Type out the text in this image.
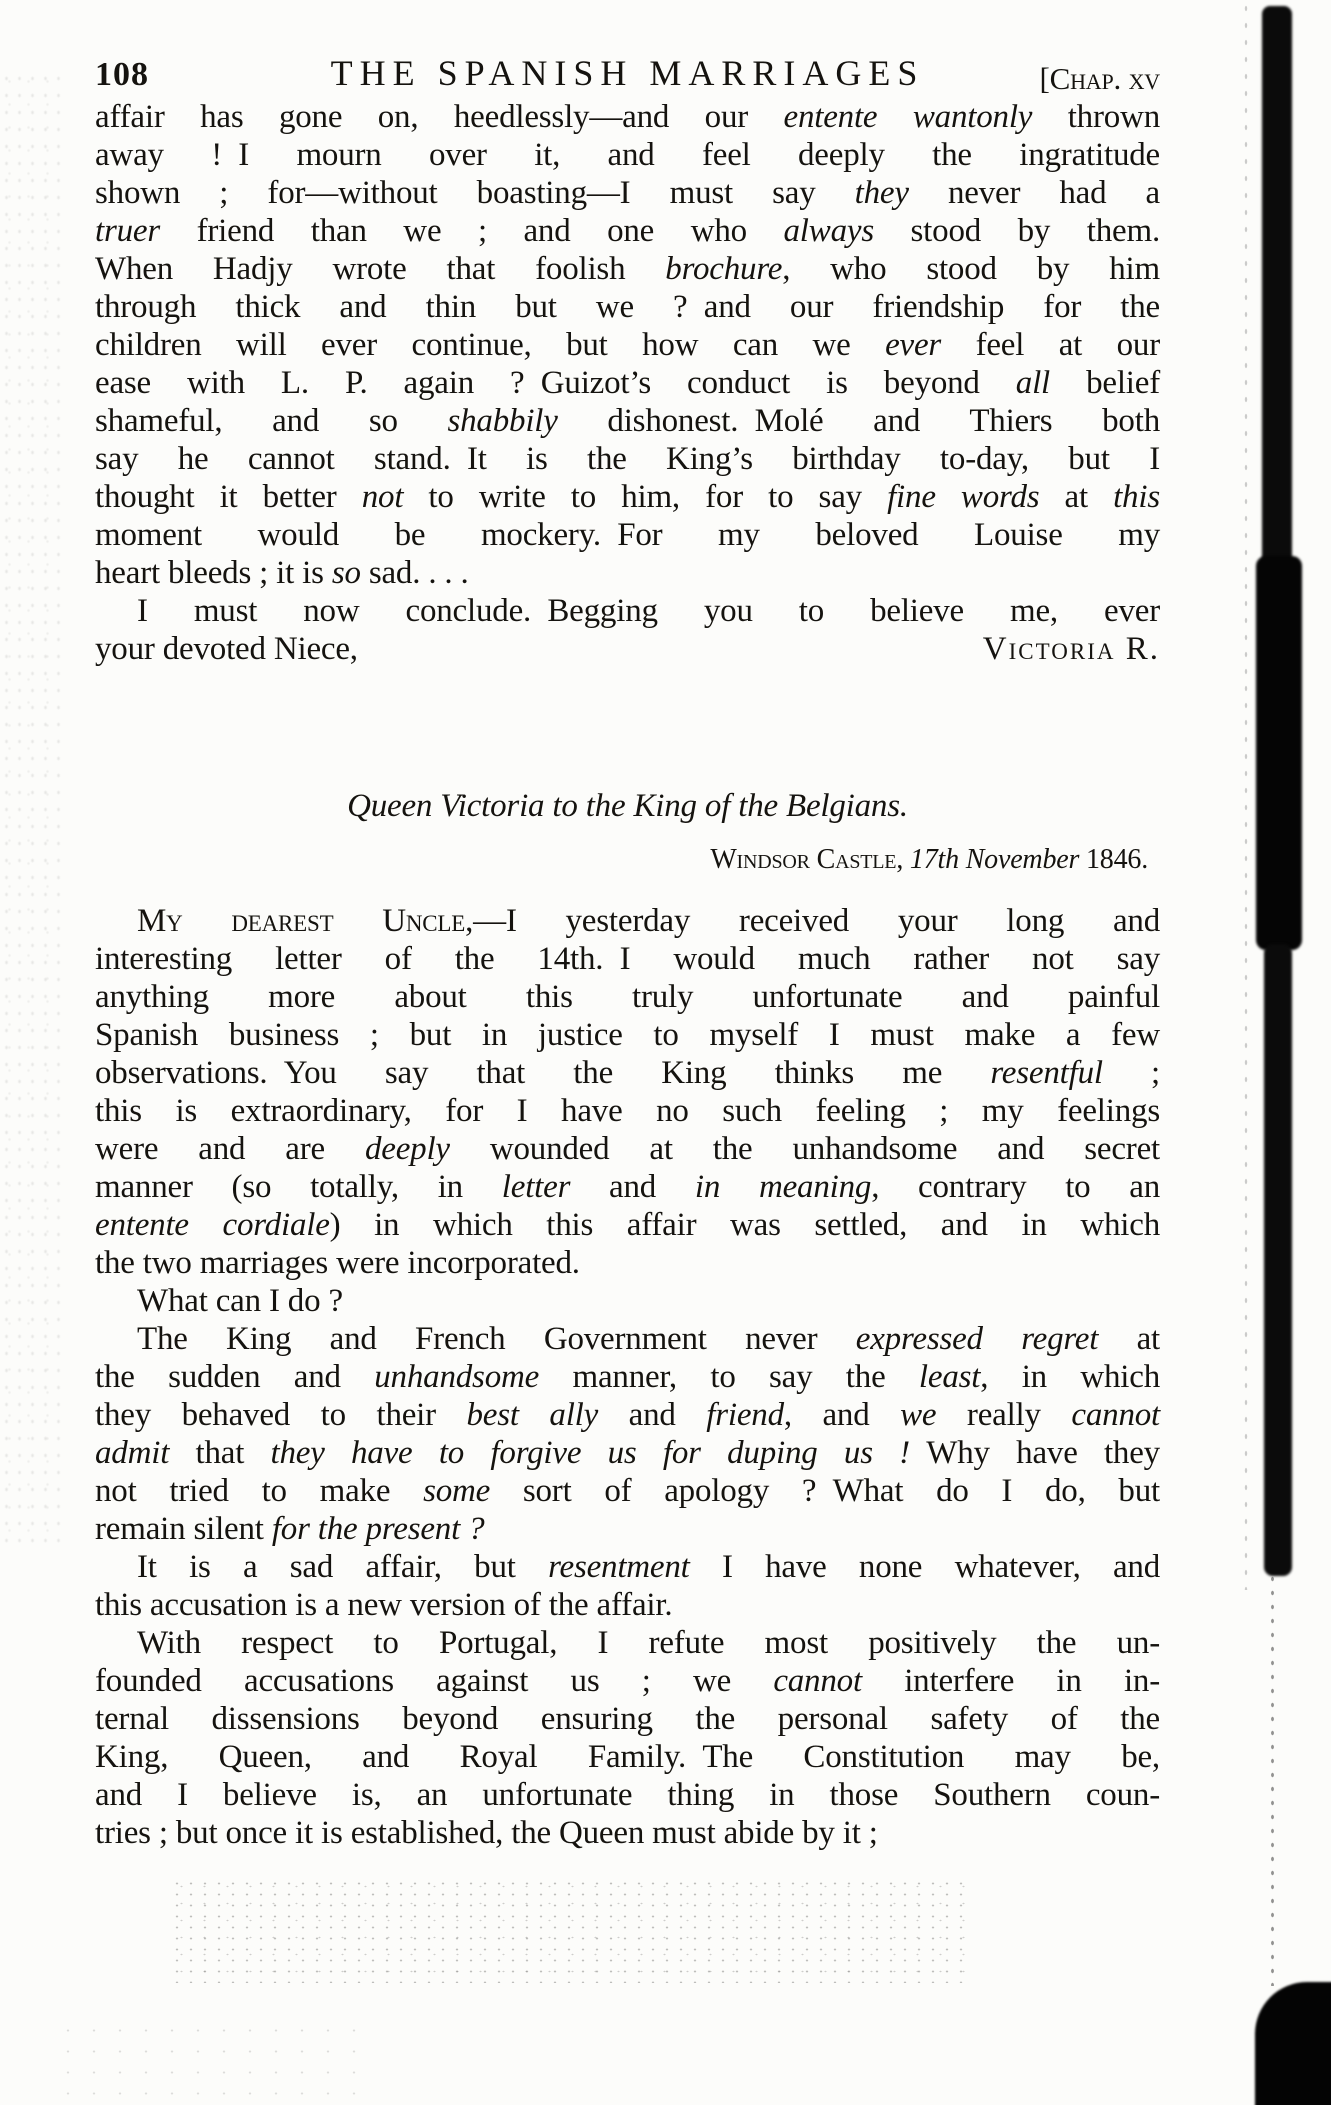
108	THE SPANISH MARRIAGES	[Chap. xv
affair has gone on, heedlessly—and our entente wantonly thrown
away ! I mourn over it, and feel deeply the ingratitude
shown ; for—without boasting—I must say they never had a
truer friend than we ; and one who always stood by them.
When Hadjy wrote that foolish brochure, who stood by him
through thick and thin but we ? and our friendship for the
children will ever continue, but how can we ever feel at our
ease with L. P. again ? Guizot’s conduct is beyond all belief
shameful, and so shabbily dishonest. Molé and Thiers both
say he cannot stand. It is the King’s birthday to-day, but I
thought it better not to write to him, for to say fine words at this
moment would be mockery. For my beloved Louise my
heart bleeds ; it is so sad. . . .
I must now conclude. Begging you to believe me, ever
your devoted Niece,	Victoria R.
Queen Victoria to the King of the Belgians.
Windsor Castle, 17th November 1846.
My dearest Uncle,—I yesterday received your long and
interesting letter of the 14th. I would much rather not say
anything more about this truly unfortunate and painful
Spanish business ; but in justice to myself I must make a few
observations. You say that the King thinks me resentful ;
this is extraordinary, for I have no such feeling ; my feelings
were and are deeply wounded at the unhandsome and secret
manner (so totally, in letter and in meaning, contrary to an
entente cordiale) in which this affair was settled, and in which
the two marriages were incorporated.
What can I do ?
The King and French Government never expressed regret at
the sudden and unhandsome manner, to say the least, in which
they behaved to their best ally and friend, and we really cannot
admit that they have to forgive us for duping us ! Why have they
not tried to make some sort of apology ? What do I do, but
remain silent for the present ?
It is a sad affair, but resentment I have none whatever, and
this accusation is a new version of the affair.
With respect to Portugal, I refute most positively the un-
founded accusations against us ; we cannot interfere in in-
ternal dissensions beyond ensuring the personal safety of the
King, Queen, and Royal Family. The Constitution may be,
and I believe is, an unfortunate thing in those Southern coun-
tries ; but once it is established, the Queen must abide by it ;
